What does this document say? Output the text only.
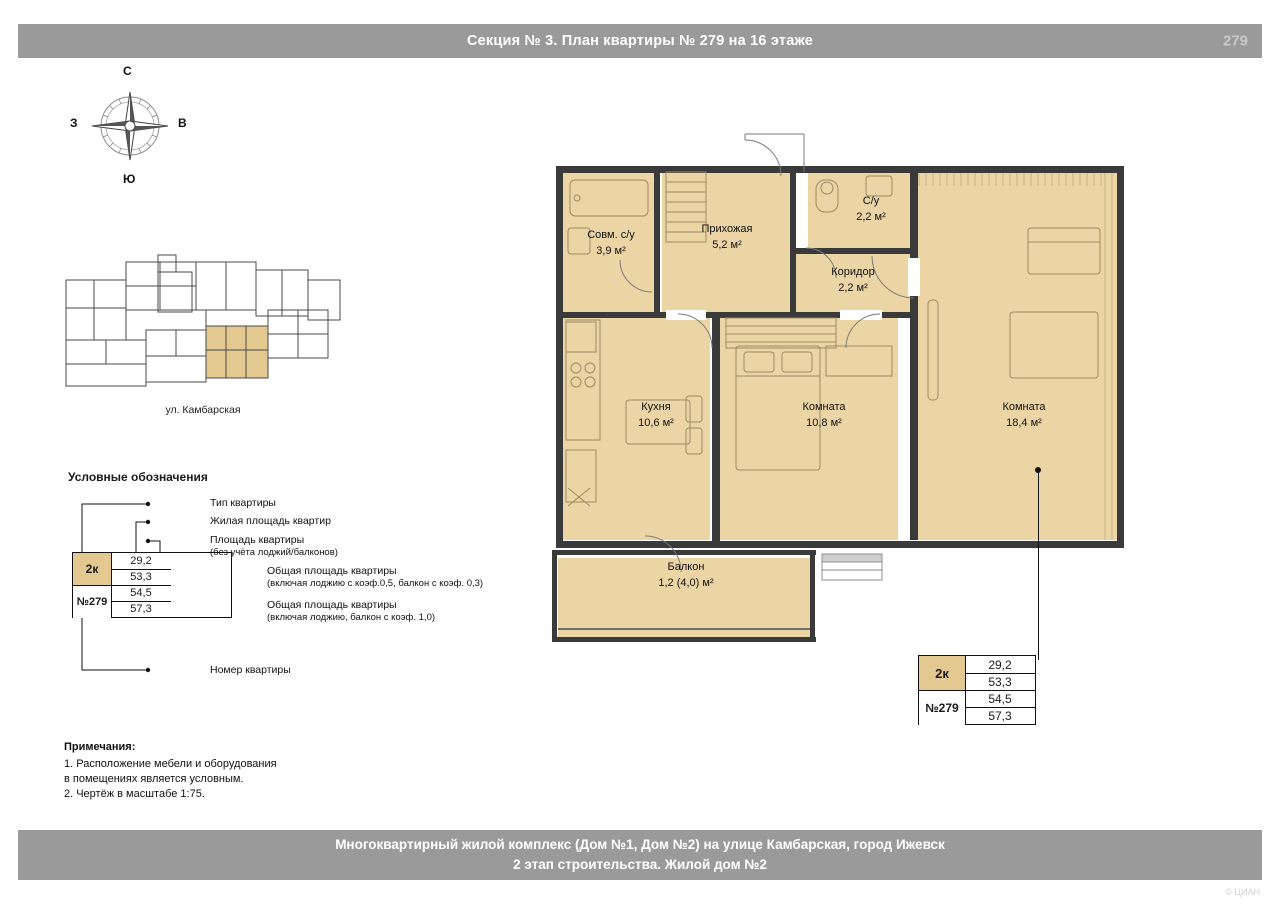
Секция № 3. План квартиры № 279 на 16 этаже	279
С
Ю
З	В
ул. Камбарская
Условные обозначения
2к
№279
29,2
53,3
54,5
57,3
Тип квартиры
Жилая площадь квартир
Площадь квартиры
(без учёта лоджий/балконов)
Общая площадь квартиры
(включая лоджию с коэф.0,5, балкон с коэф. 0,3)
Общая площадь квартиры
(включая лоджию, балкон с коэф. 1,0)
Номер квартиры
Примечания:
1. Расположение мебели и оборудования
в помещениях является условным.
2. Чертёж в масштабе 1:75.
Совм. с/у
3,9 м²
Прихожая
5,2 м²
С/у
2,2 м²
Коридор
2,2 м²
Кухня
10,6 м²
Комната
10,8 м²
Комната
18,4 м²
Балкон
1,2 (4,0) м²
2к
№279
29,2
53,3
54,5
57,3
© ЦИАН
Многоквартирный жилой комплекс (Дом №1, Дом №2) на улице Камбарская, город Ижевск
2 этап строительства. Жилой дом №2
